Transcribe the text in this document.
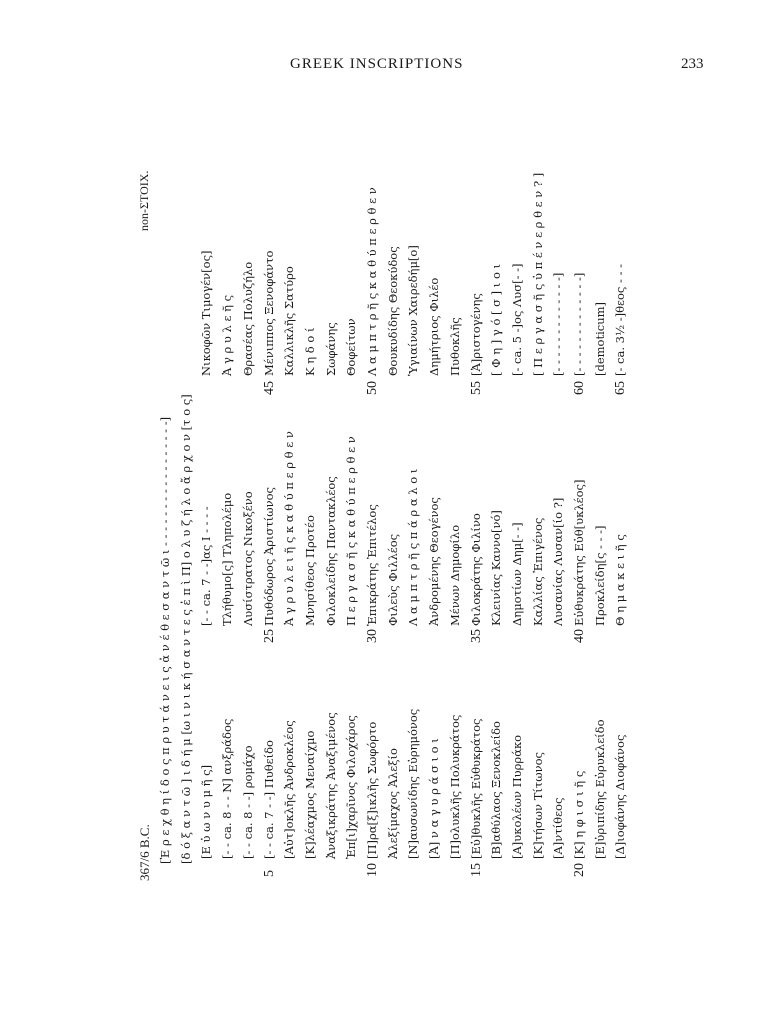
GREEK INSCRIPTIONS	233
367/6 B.C.
non-ΣΤΟΙΧ.
[Ἐ ρ ε χ θ η ί δ ο ς π ρ υ τ ά ν ε ι ς ἀ ν έ θ ε σ α ν τ ῶ ι - - - - - - - - - - - - - - - - -] [δ ό ξ α ν τ ῶ ] ι δ ή μ [ω ι ν ι κ ή σ α ν τ ε ς ἐ π ὶ Π] ο λ υ ζ ή λ ο ἄ ρ χ ο ν [τ ο ς] [Ε ὐ ω ν υ μ ῆ ς] [- - ca. 8 - - Ν] ανξράδος [- - ca. 8 - -] ρομάχο [- - ca. 7 - -] Πυθείδο [Αὐτ]οκλῆς Ἀνδροκλέος [Κ]λέαχμος Μεναίχμο Ἀναξικράτης Ἀναξιμένος Ἐπ[ι]χαρῖνος Φιλοχάρος [Π]ρα[ξ]ικλῆς Σωφόρτο Ἀλεξίμαχος Ἀλεξίο [Ν]αυσωνίδης Εὐρημόνος [Ἀ] ν α γ υ ρ ά σ ι ο ι [Π]ολυκλῆς Πολυκράτος [Εὐ]θυκλῆς Εὐθυκράτος [Β]αθύλαος Ξενοκλείδο [Α]υκολέων Πυρράκο [Κ]τήσων Τίτωνος [Α]ντίθεος [Κ] η φ ι σ ι ῆ ς [Ε]ὐριπίδης Εὐρυκλείδο [Δ]ιοφάνης Διοφάνος
[- - ca. 7 - -]ας I - - - - Τλήθυμο[ς] Τληπολέμο Λυσίστρατος Νικοξένο Πυθόδωρος Ἀριστίωνος Ἀ γ ρ υ λ ε ι ῆ ς κ α θ ύ π ε ρ θ ε ν Μνησίθεος Προτέο Φιλοκλείδης Παντακλέος Π ε ρ γ α σ ῆ ς κ α θ ύ π ε ρ θ ε ν Ἐπικράτης Ἐπιτέλος Φιλεὺς Φιλλέος Λ α μ π τ ρ ῆ ς π ά ρ α λ ο ι Ἀνδρομένης Θεογένος Μένων Δημοφίλο Φιλοκράτης Φιλίνο Κλεινίας Καννο[νό] Δημοτίων Δημ[- -] Καλλίας Ἐπιγένος Λυσανίας Λυσαν[ίο ?] Εὐθυκράτης Εὐθ[υκλέος] Προκλείδη[ς - - -] Θ η μ α κ ε ι ῆ ς
Νικοφῶν Τιμογέν[ος] Ἀ γ ρ υ λ ε ῆ ς Θρασέας Πολυζήλο Μένιππος Ξενοφάντο Καλλικλῆς Σατύρο Κ η δ ο ί Σωφάνης Θοφείτων Λ α μ π τ ρ ῆ ς κ α θ ύ π ε ρ θ ε ν Θουκυδίδης Θεοκύδος Ὑγιαίνων Χαιρεδήμ[ο] Δημήτριος Φιλέο Πυθοκλῆς [Ἀ]ριστογένης [ Φ η ] γ ό [ σ ] ι ο ι [- ca. 5 -]ος Λυσ[- -] [ Π ε ρ γ α σ ῆ ς ὑ π έ ν ε ρ θ ε ν ? ] [- - - - - - - - - - - - -] [- - - - - - - - - - - - -] [demoticum] [- ca. 3½ -]θεος - - -
5	10	15	20
25	30	35	40
45	50	55	60 65
